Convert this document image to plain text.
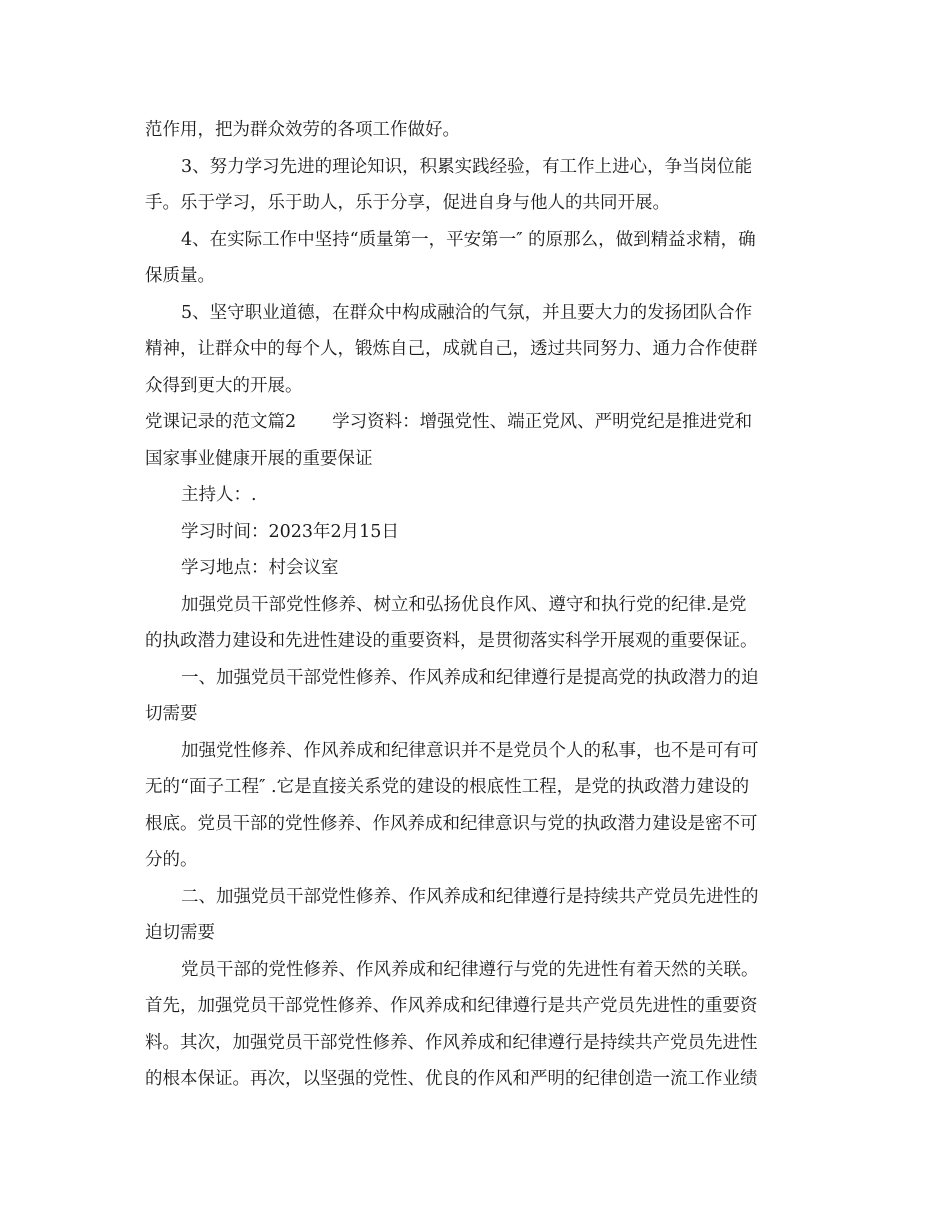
范作用，把为群众效劳的各项工作做好。
3、努力学习先进的理论知识，积累实践经验，有工作上进心，争当岗位能
手。乐于学习，乐于助人，乐于分享，促进自身与他人的共同开展。
4、在实际工作中坚持“质量第一，平安第一″ 的原那么，做到精益求精，确
保质量。
5、坚守职业道德，在群众中构成融洽的气氛，并且要大力的发扬团队合作
精神，让群众中的每个人，锻炼自己，成就自己，透过共同努力、通力合作使群
众得到更大的开展。
党课记录的范文篇2 学习资料：增强党性、端正党风、严明党纪是推进党和
国家事业健康开展的重要保证
主持人：.
学习时间：2023年2月15日
学习地点：村会议室
加强党员干部党性修养、树立和弘扬优良作风、遵守和执行党的纪律.是党
的执政潜力建设和先进性建设的重要资料，是贯彻落实科学开展观的重要保证。
一、加强党员干部党性修养、作风养成和纪律遵行是提高党的执政潜力的迫
切需要
加强党性修养、作风养成和纪律意识并不是党员个人的私事，也不是可有可
无的“面子工程″ .它是直接关系党的建设的根底性工程，是党的执政潜力建设的
根底。党员干部的党性修养、作风养成和纪律意识与党的执政潜力建设是密不可
分的。
二、加强党员干部党性修养、作风养成和纪律遵行是持续共产党员先进性的
迫切需要
党员干部的党性修养、作风养成和纪律遵行与党的先进性有着天然的关联。
首先，加强党员干部党性修养、作风养成和纪律遵行是共产党员先进性的重要资
料。其次，加强党员干部党性修养、作风养成和纪律遵行是持续共产党员先进性
的根本保证。再次，以坚强的党性、优良的作风和严明的纪律创造一流工作业绩
